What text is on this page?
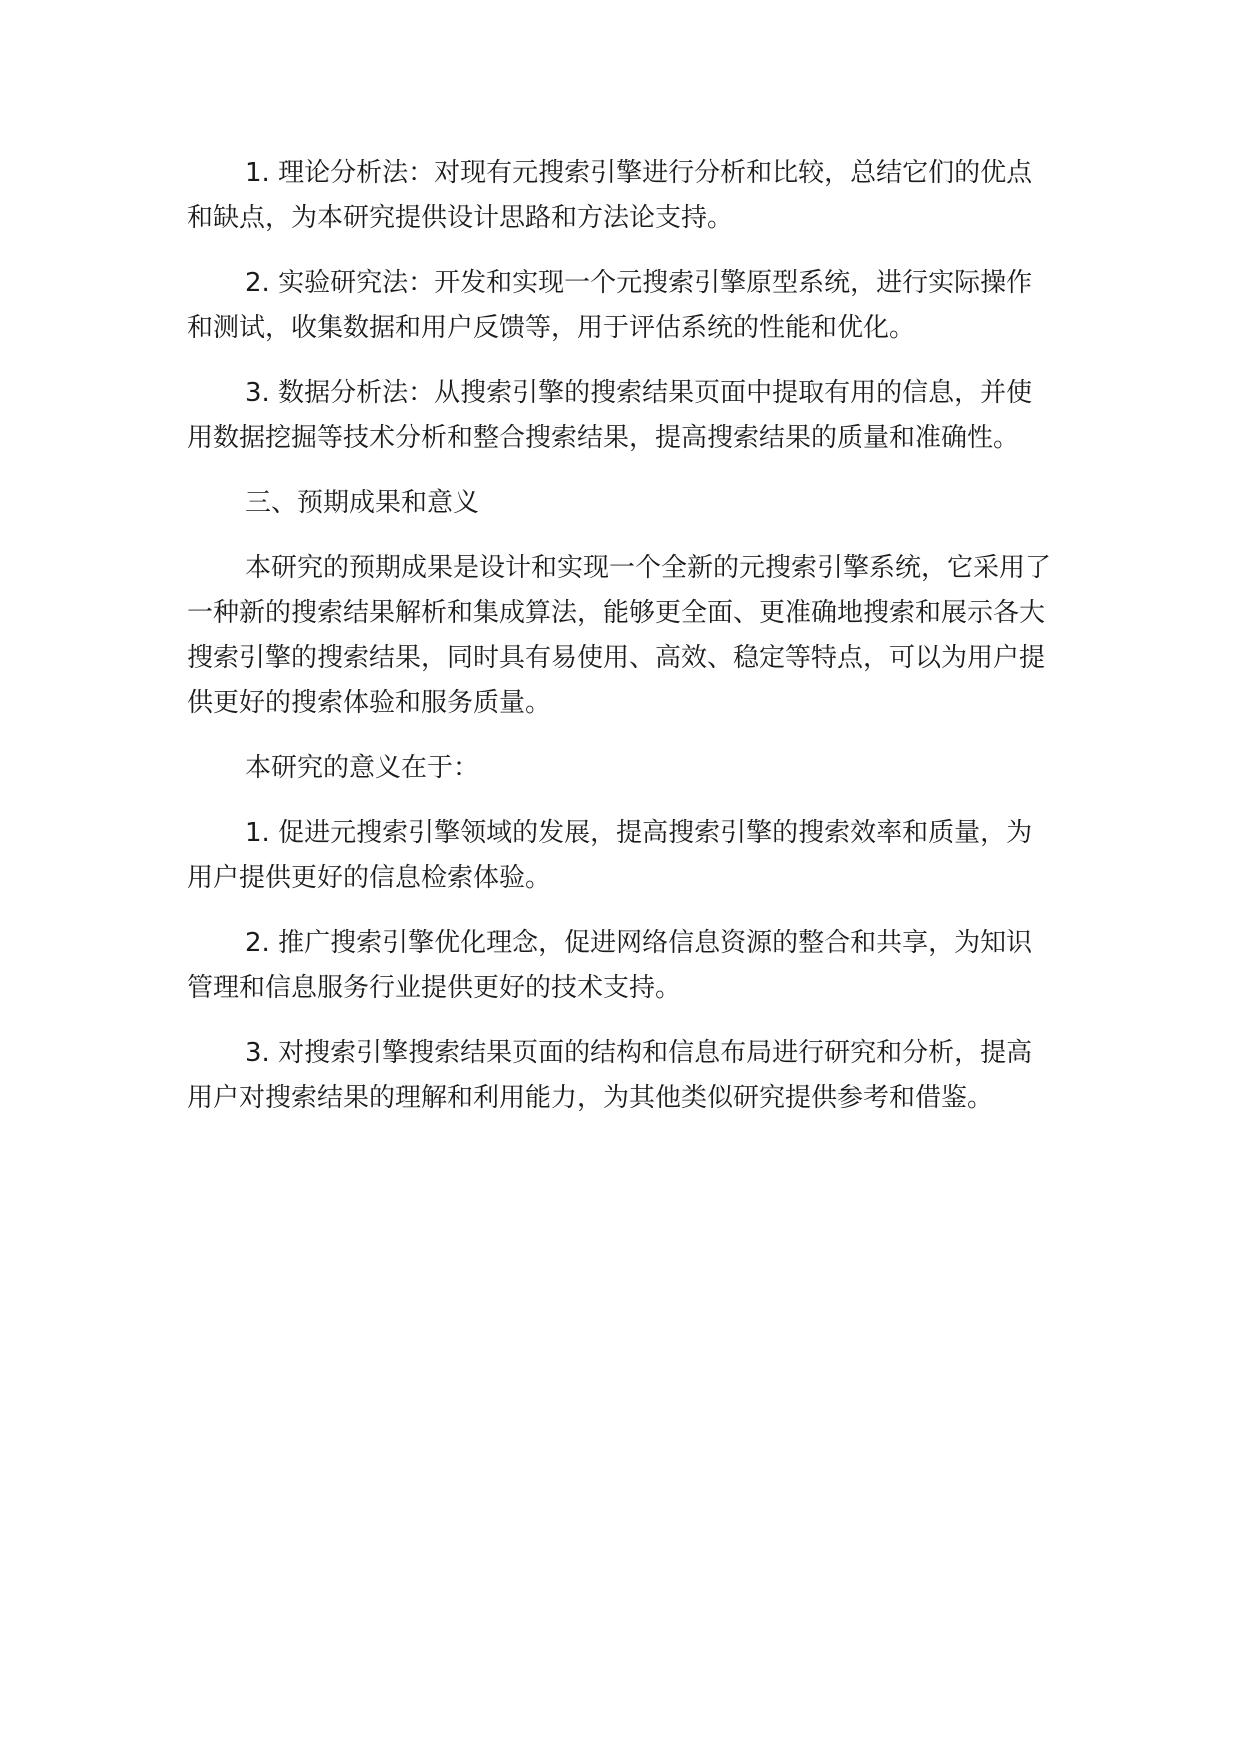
1. 理论分析法：对现有元搜索引擎进行分析和比较，总结它们的优点和缺点，为本研究提供设计思路和方法论支持。

2. 实验研究法：开发和实现一个元搜索引擎原型系统，进行实际操作和测试，收集数据和用户反馈等，用于评估系统的性能和优化。

3. 数据分析法：从搜索引擎的搜索结果页面中提取有用的信息，并使用数据挖掘等技术分析和整合搜索结果，提高搜索结果的质量和准确性。

三、预期成果和意义

本研究的预期成果是设计和实现一个全新的元搜索引擎系统，它采用了一种新的搜索结果解析和集成算法，能够更全面、更准确地搜索和展示各大搜索引擎的搜索结果，同时具有易使用、高效、稳定等特点，可以为用户提供更好的搜索体验和服务质量。

本研究的意义在于：

1. 促进元搜索引擎领域的发展，提高搜索引擎的搜索效率和质量，为用户提供更好的信息检索体验。

2. 推广搜索引擎优化理念，促进网络信息资源的整合和共享，为知识管理和信息服务行业提供更好的技术支持。

3. 对搜索引擎搜索结果页面的结构和信息布局进行研究和分析，提高用户对搜索结果的理解和利用能力，为其他类似研究提供参考和借鉴。
